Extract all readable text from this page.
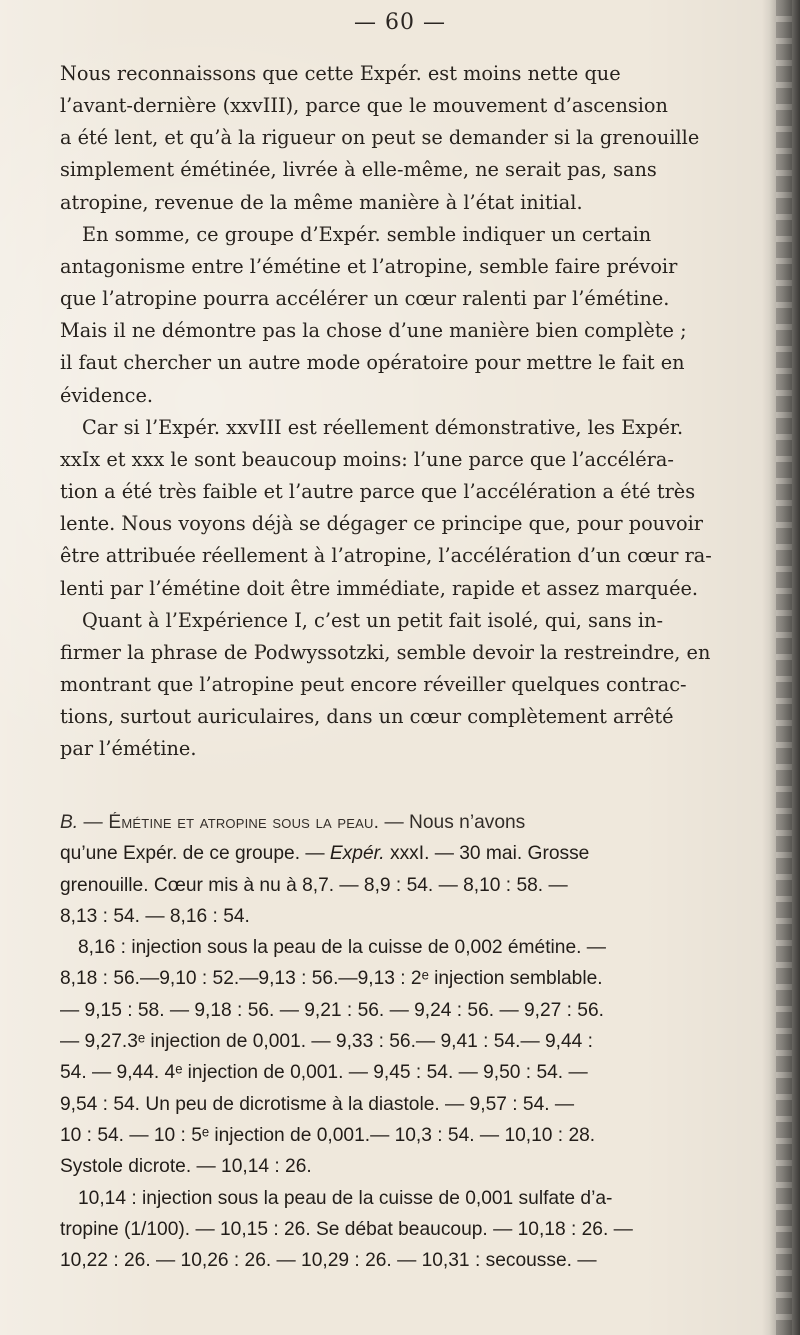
— 60 —
Nous reconnaissons que cette Expér. est moins nette que
l’avant-dernière (xxvIII), parce que le mouvement d’ascension
a été lent, et qu’à la rigueur on peut se demander si la grenouille
simplement émétinée, livrée à elle-même, ne serait pas, sans
atropine, revenue de la même manière à l’état initial.
En somme, ce groupe d’Expér. semble indiquer un certain
antagonisme entre l’émétine et l’atropine, semble faire prévoir
que l’atropine pourra accélérer un cœur ralenti par l’émétine.
Mais il ne démontre pas la chose d’une manière bien complète ;
il faut chercher un autre mode opératoire pour mettre le fait en
évidence.
Car si l’Expér. xxvIII est réellement démonstrative, les Expér.
xxIx et xxx le sont beaucoup moins: l’une parce que l’accéléra-
tion a été très faible et l’autre parce que l’accélération a été très
lente. Nous voyons déjà se dégager ce principe que, pour pouvoir
être attribuée réellement à l’atropine, l’accélération d’un cœur ra-
lenti par l’émétine doit être immédiate, rapide et assez marquée.
Quant à l’Expérience I, c’est un petit fait isolé, qui, sans in-
firmer la phrase de Podwyssotzki, semble devoir la restreindre, en
montrant que l’atropine peut encore réveiller quelques contrac-
tions, surtout auriculaires, dans un cœur complètement arrêté
par l’émétine.
B. — Émétine et atropine sous la peau. — Nous n’avons
qu’une Expér. de ce groupe. — Expér. xxxI. — 30 mai. Grosse
grenouille. Cœur mis à nu à 8,7. — 8,9 : 54. — 8,10 : 58. —
8,13 : 54. — 8,16 : 54.
8,16 : injection sous la peau de la cuisse de 0,002 émétine. —
8,18 : 56.—9,10 : 52.—9,13 : 56.—9,13 : 2ᵉ injection semblable.
— 9,15 : 58. — 9,18 : 56. — 9,21 : 56. — 9,24 : 56. — 9,27 : 56.
— 9,27.3ᵉ injection de 0,001. — 9,33 : 56.— 9,41 : 54.— 9,44 :
54. — 9,44. 4ᵉ injection de 0,001. — 9,45 : 54. — 9,50 : 54. —
9,54 : 54. Un peu de dicrotisme à la diastole. — 9,57 : 54. —
10 : 54. — 10 : 5ᵉ injection de 0,001.— 10,3 : 54. — 10,10 : 28.
Systole dicrote. — 10,14 : 26.
10,14 : injection sous la peau de la cuisse de 0,001 sulfate d’a-
tropine (1/100). — 10,15 : 26. Se débat beaucoup. — 10,18 : 26. —
10,22 : 26. — 10,26 : 26. — 10,29 : 26. — 10,31 : secousse. —
